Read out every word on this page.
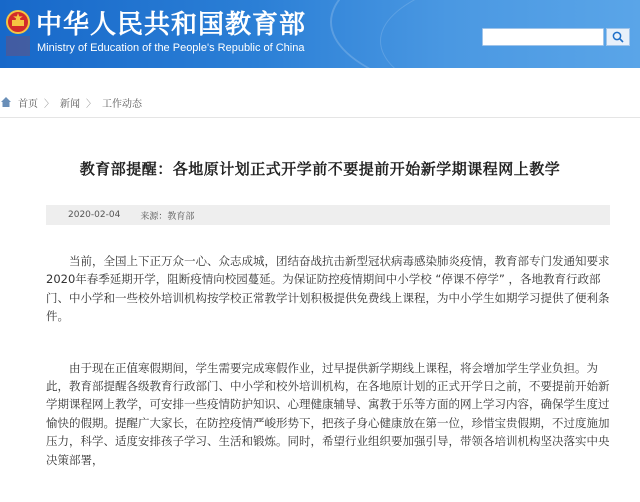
中华人民共和国教育部
Ministry of Education of the People's Republic of China
首页 〉 新闻 〉 工作动态
教育部提醒：各地原计划正式开学前不要提前开始新学期课程网上教学
2020-02-04 来源：教育部

当前，全国上下正万众一心、众志成城，团结奋战抗击新型冠状病毒感染肺炎疫情，教育部专门发通知要求2020年春季延期开学，阻断疫情向校园蔓延。为保证防控疫情期间中小学校 “停课不停学” ，各地教育行政部门、中小学和一些校外培训机构按学校正常教学计划积极提供免费线上课程，为中小学生如期学习提供了便利条件。

由于现在正值寒假期间，学生需要完成寒假作业，过早提供新学期线上课程，将会增加学生学业负担。为此，教育部提醒各级教育行政部门、中小学和校外培训机构，在各地原计划的正式开学日之前，不要提前开始新学期课程网上教学，可安排一些疫情防护知识、心理健康辅导、寓教于乐等方面的网上学习内容，确保学生度过愉快的假期。提醒广大家长，在防控疫情严峻形势下，把孩子身心健康放在第一位，珍惜宝贵假期，不过度施加压力，科学、适度安排孩子学习、生活和锻炼。同时，希望行业组织要加强引导，带领各培训机构坚决落实中央决策部署，
